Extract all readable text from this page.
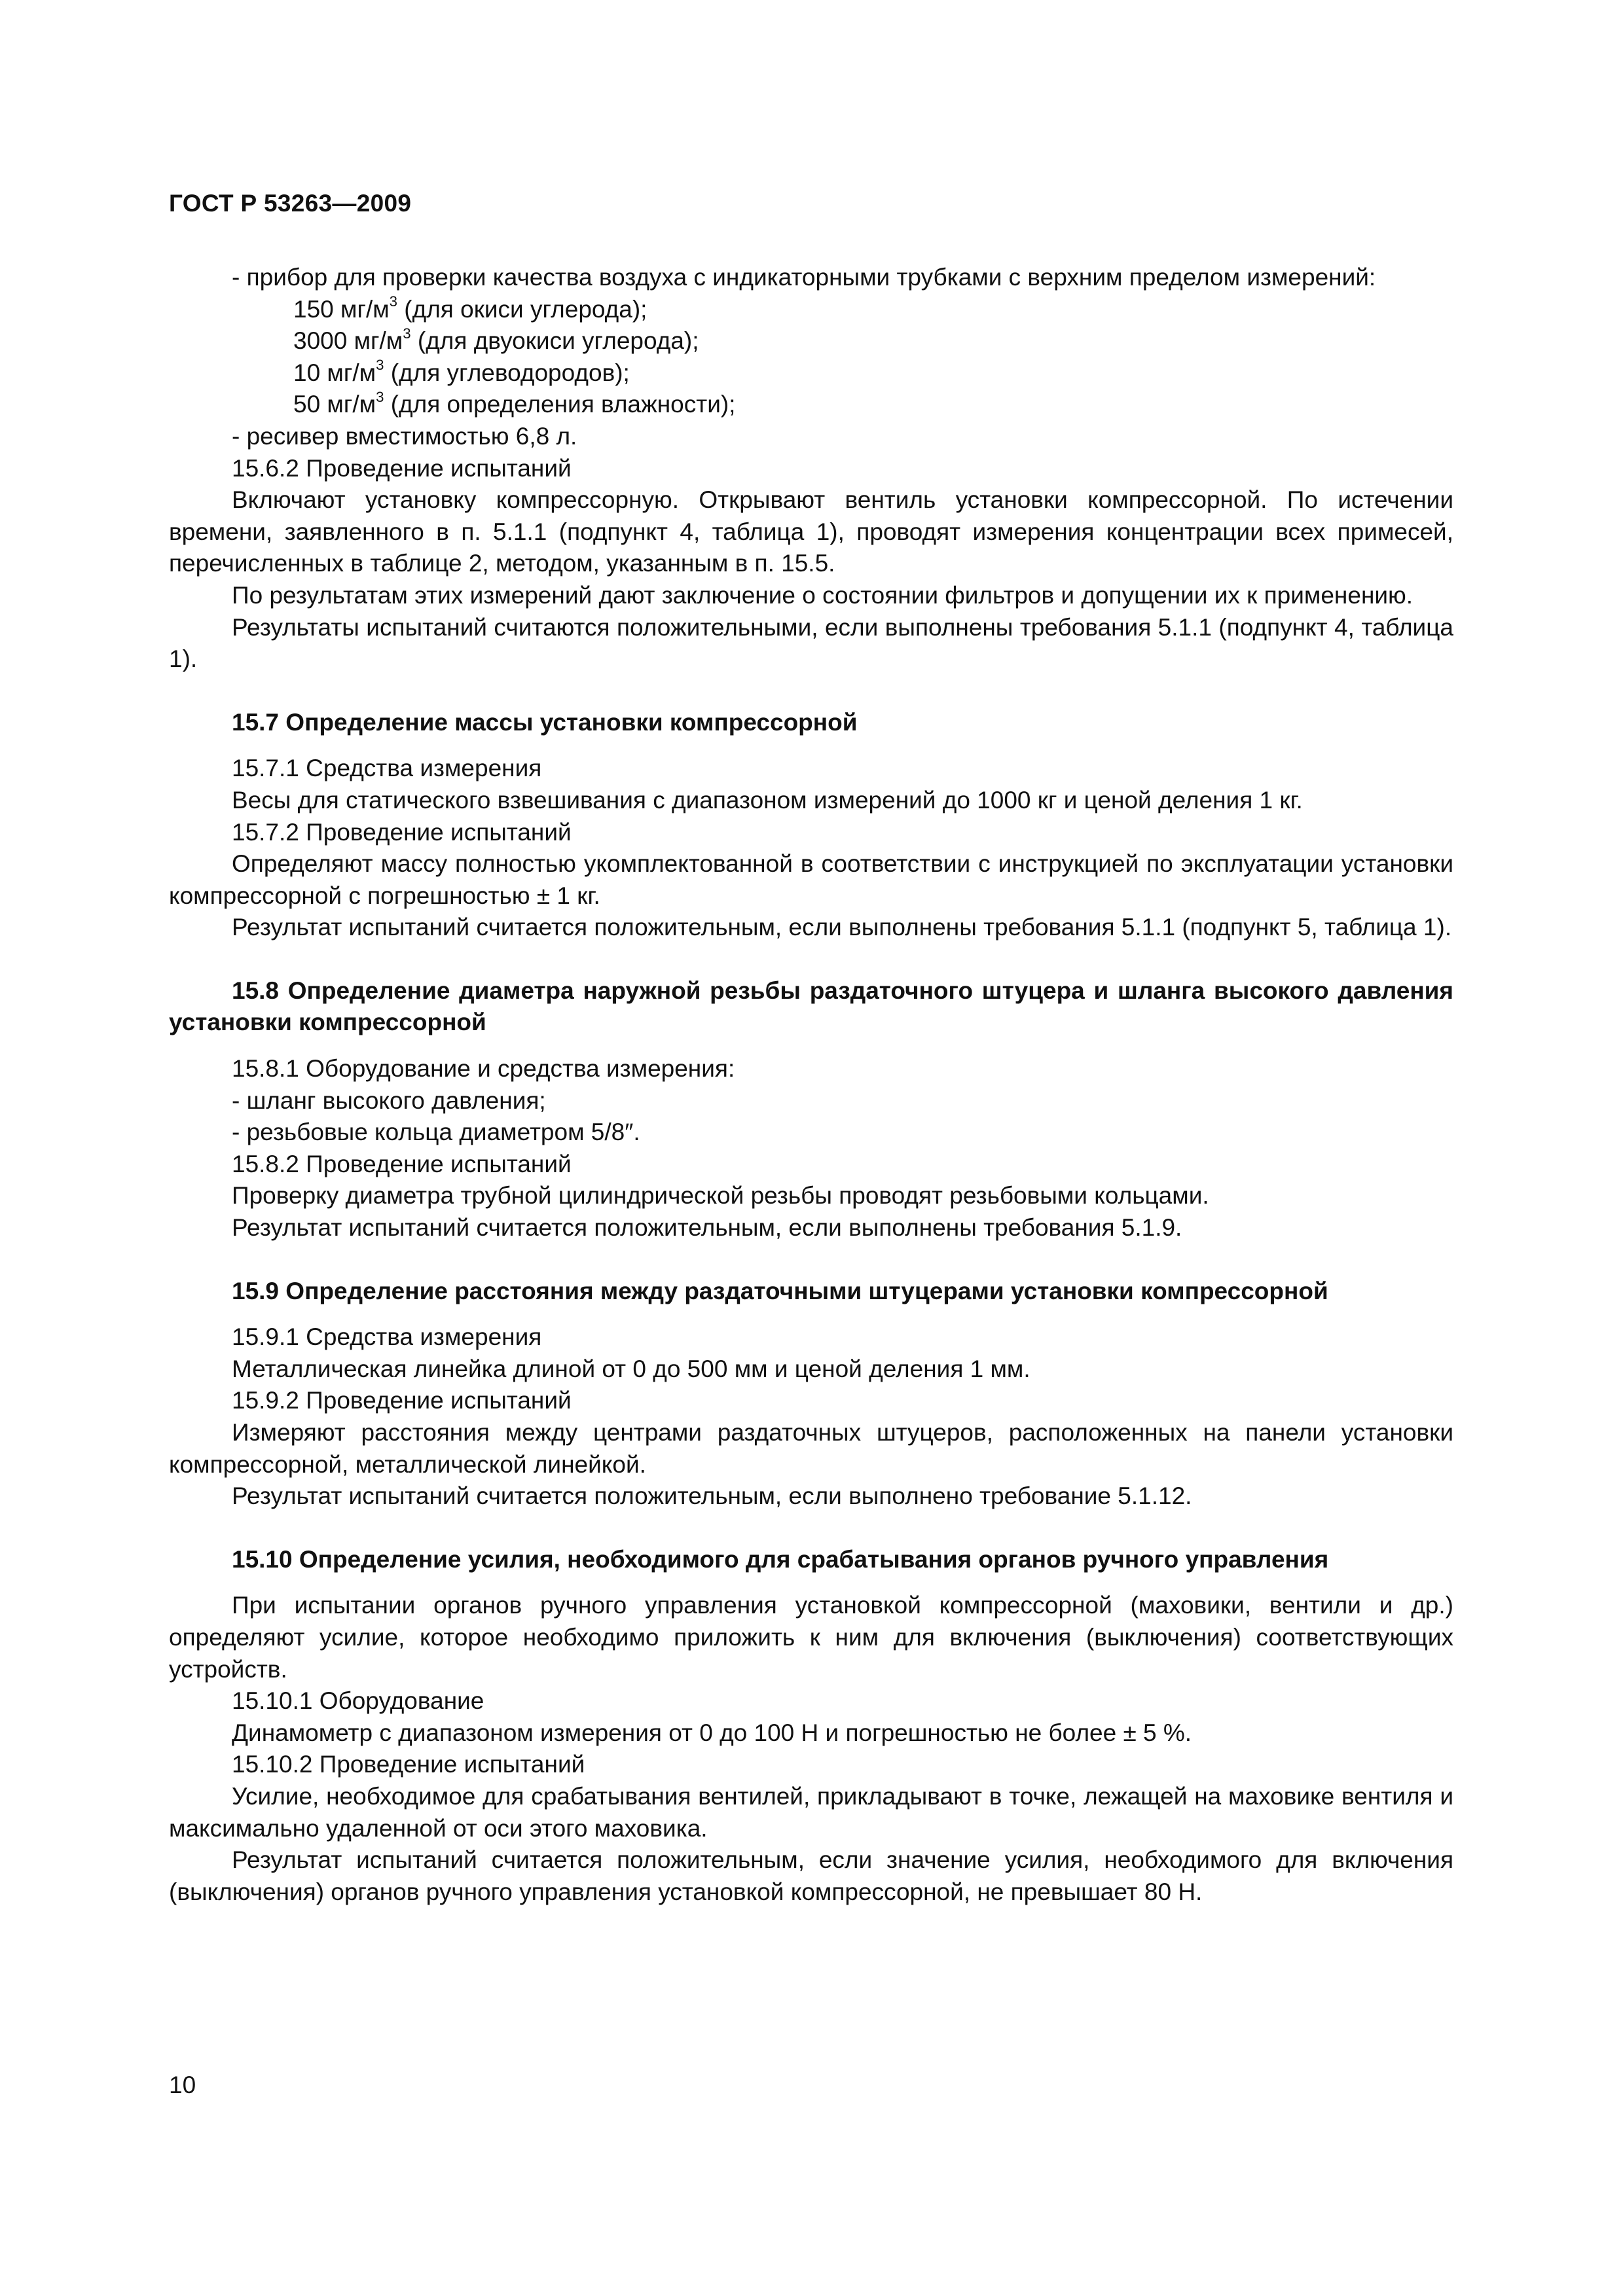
ГОСТ Р 53263—2009

- прибор для проверки качества воздуха с индикаторными трубками с верхним пределом измерений:

150 $мг/м^3$ (для окиси углерода);

3000 $мг/м^3$ (для двуокиси углерода);

10 $мг/м^3$ (для углеводородов);

50 $мг/м^3$ (для определения влажности);

- ресивер вместимостью 6,8 л.

15.6.2 Проведение испытаний

Включают установку компрессорную. Открывают вентиль установки компрессорной. По истечении времени, заявленного в п. 5.1.1 (подпункт 4, таблица 1), проводят измерения концентрации всех примесей, перечисленных в таблице 2, методом, указанным в п. 15.5.

По результатам этих измерений дают заключение о состоянии фильтров и допущении их к применению.

Результаты испытаний считаются положительными, если выполнены требования 5.1.1 (подпункт 4, таблица 1).

15.7 Определение массы установки компрессорной

15.7.1 Средства измерения

Весы для статического взвешивания с диапазоном измерений до 1000 кг и ценой деления 1 кг.

15.7.2 Проведение испытаний

Определяют массу полностью укомплектованной в соответствии с инструкцией по эксплуатации установки компрессорной с погрешностью ± 1 кг.

Результат испытаний считается положительным, если выполнены требования 5.1.1 (подпункт 5, таблица 1).

15.8 Определение диаметра наружной резьбы раздаточного штуцера и шланга высокого давления установки компрессорной

15.8.1 Оборудование и средства измерения:

- шланг высокого давления;

- резьбовые кольца диаметром 5/8″.

15.8.2 Проведение испытаний

Проверку диаметра трубной цилиндрической резьбы проводят резьбовыми кольцами.

Результат испытаний считается положительным, если выполнены требования 5.1.9.

15.9 Определение расстояния между раздаточными штуцерами установки компрессорной

15.9.1 Средства измерения

Металлическая линейка длиной от 0 до 500 мм и ценой деления 1 мм.

15.9.2 Проведение испытаний

Измеряют расстояния между центрами раздаточных штуцеров, расположенных на панели установки компрессорной, металлической линейкой.

Результат испытаний считается положительным, если выполнено требование 5.1.12.

15.10 Определение усилия, необходимого для срабатывания органов ручного управления

При испытании органов ручного управления установкой компрессорной (маховики, вентили и др.) определяют усилие, которое необходимо приложить к ним для включения (выключения) соответствующих устройств.

15.10.1 Оборудование

Динамометр с диапазоном измерения от 0 до 100 Н и погрешностью не более ± 5 %.

15.10.2 Проведение испытаний

Усилие, необходимое для срабатывания вентилей, прикладывают в точке, лежащей на маховике вентиля и максимально удаленной от оси этого маховика.

Результат испытаний считается положительным, если значение усилия, необходимого для включения (выключения) органов ручного управления установкой компрессорной, не превышает 80 Н.

10
